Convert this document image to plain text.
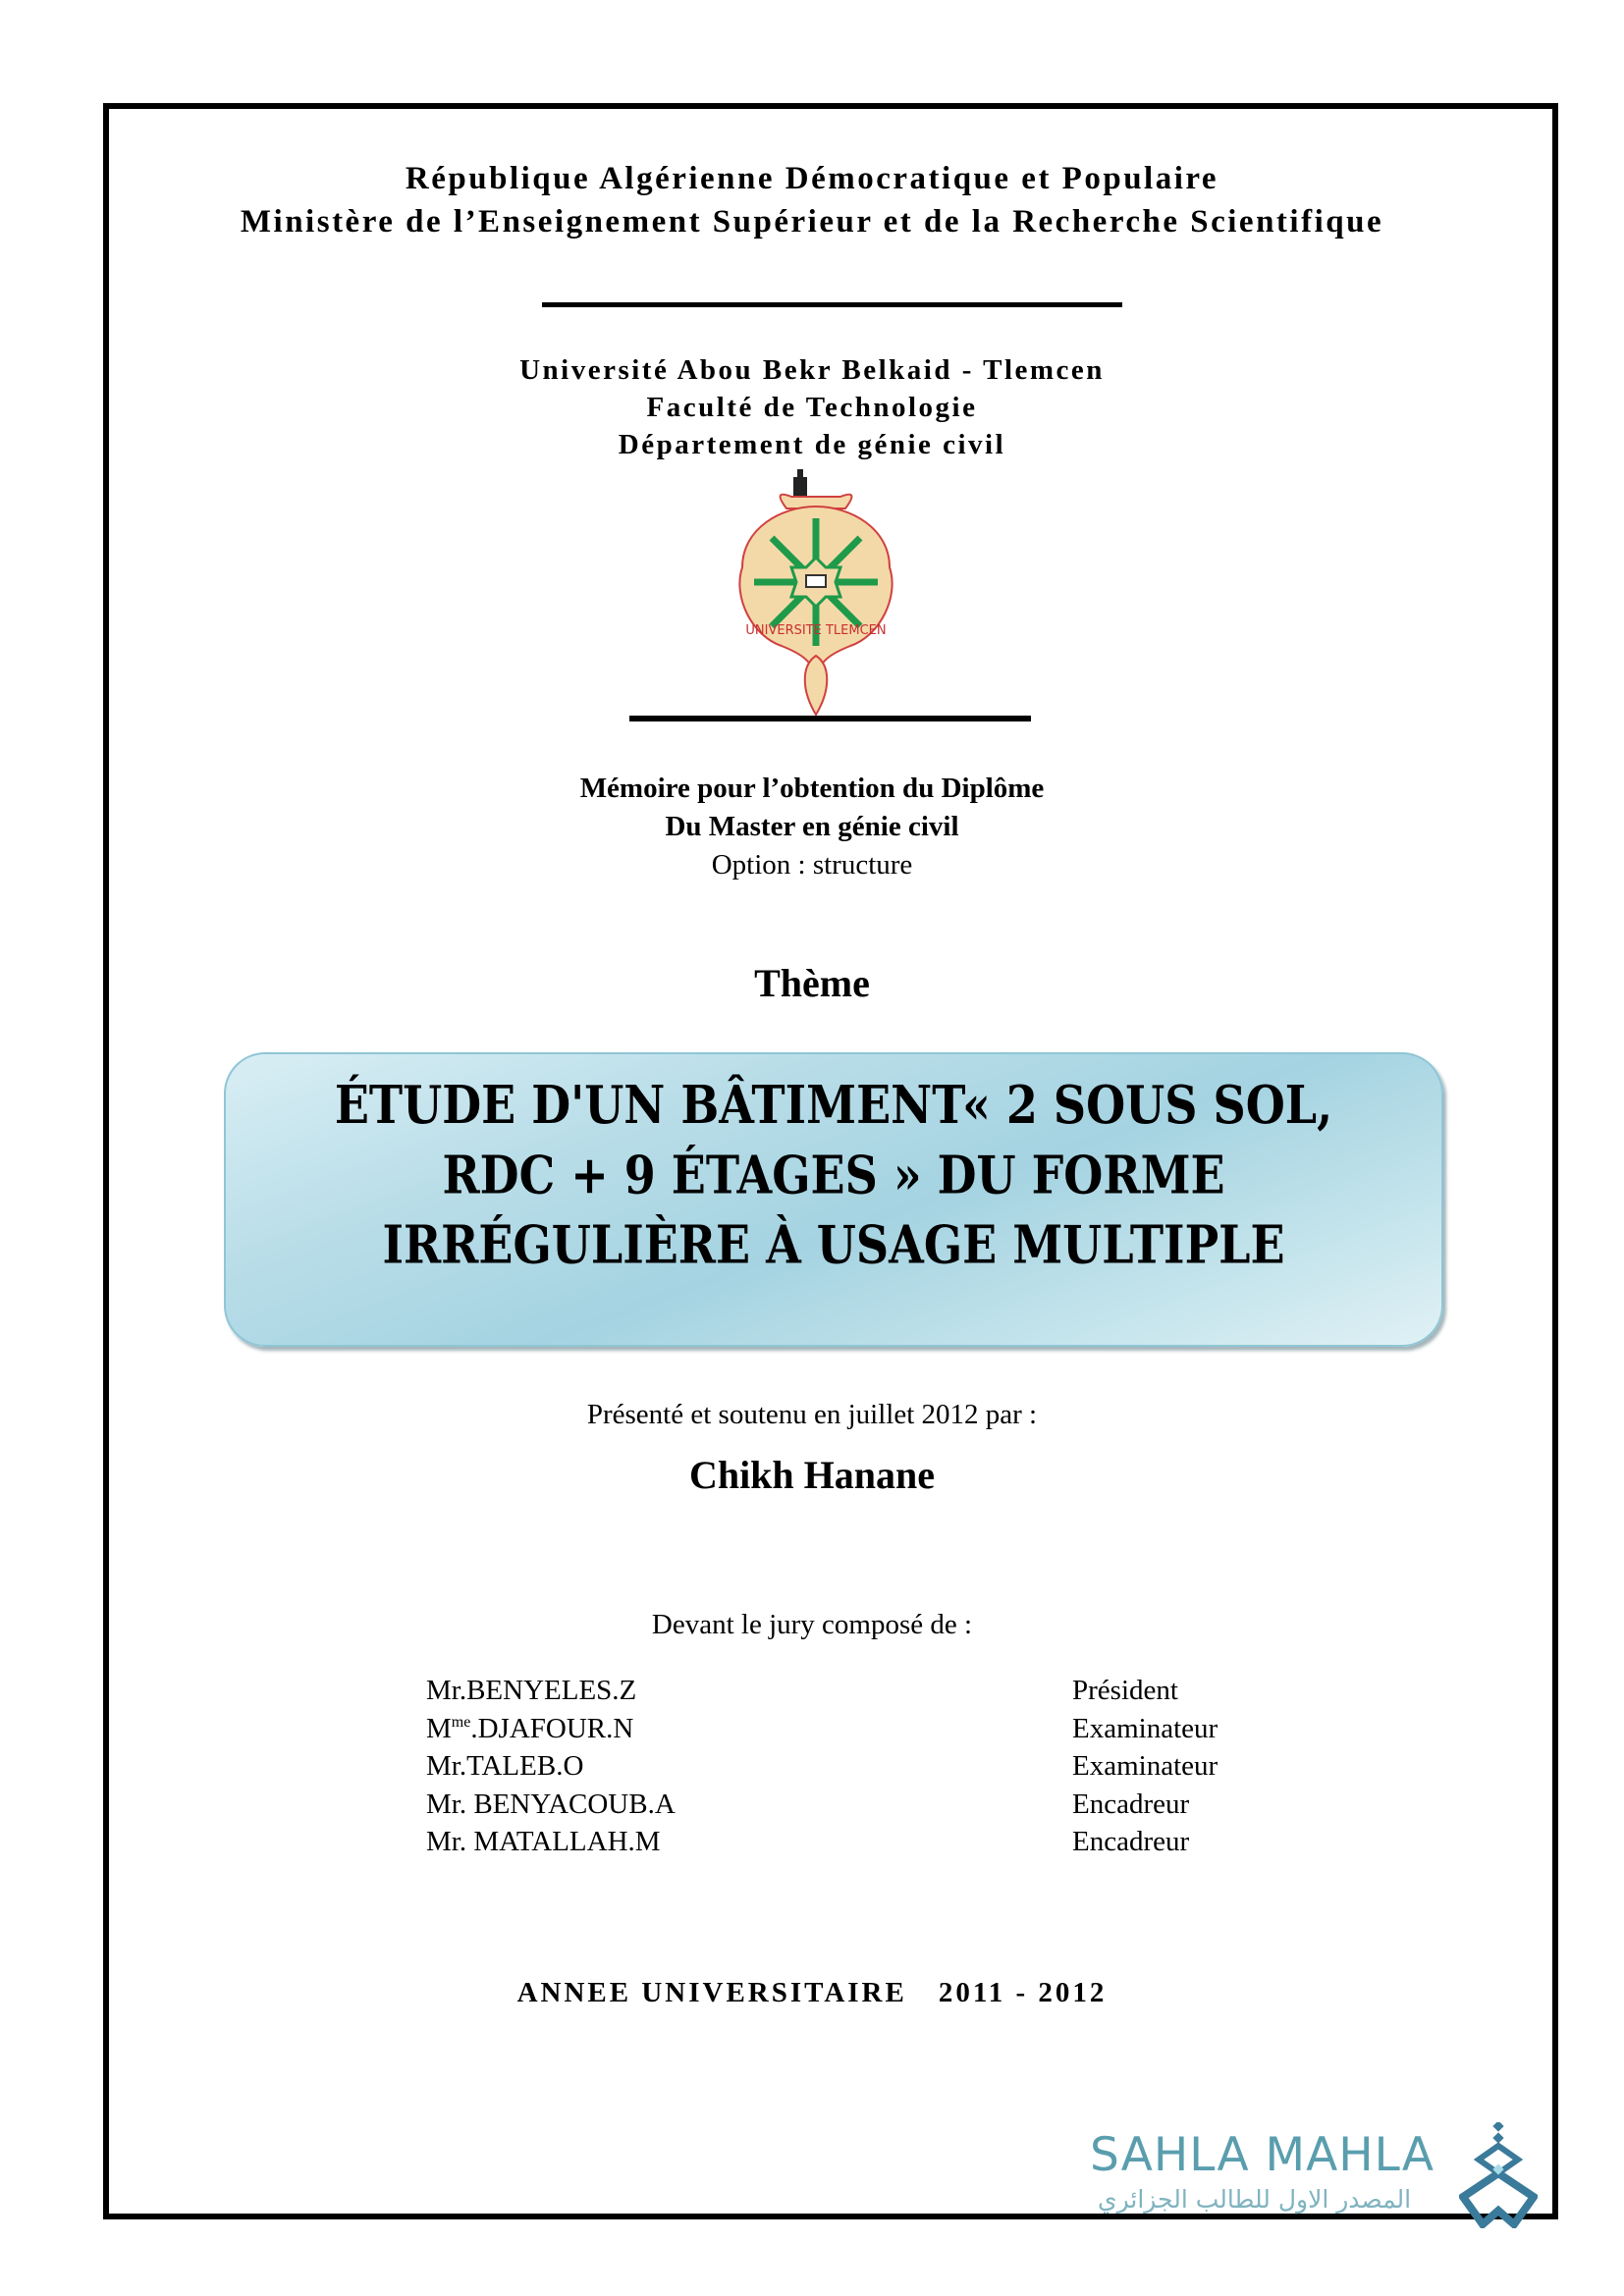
République Algérienne Démocratique et Populaire
Ministère de l’Enseignement Supérieur et de la Recherche Scientifique
Université Abou Bekr Belkaid - Tlemcen
Faculté de Technologie
Département de génie civil
UNIVERSITE TLEMCEN
Mémoire pour l’obtention du Diplôme
Du Master en génie civil
Option : structure
Thème
ÉTUDE D'UN BÂTIMENT« 2 SOUS SOL,
RDC + 9 ÉTAGES » DU FORME
IRRÉGULIÈRE À USAGE MULTIPLE
Présenté et soutenu en juillet 2012 par :
Chikh Hanane
Devant le jury composé de :
Mr.BENYELES.Z	Président
$M^{me}.DJAFOUR.N$	Examinateur
Mr.TALEB.O	Examinateur
Mr. BENYACOUB.A	Encadreur
Mr. MATALLAH.M	Encadreur
ANNEE UNIVERSITAIRE 2011 - 2012
SAHLA MAHLA
المصدر الاول للطالب الجزائري
